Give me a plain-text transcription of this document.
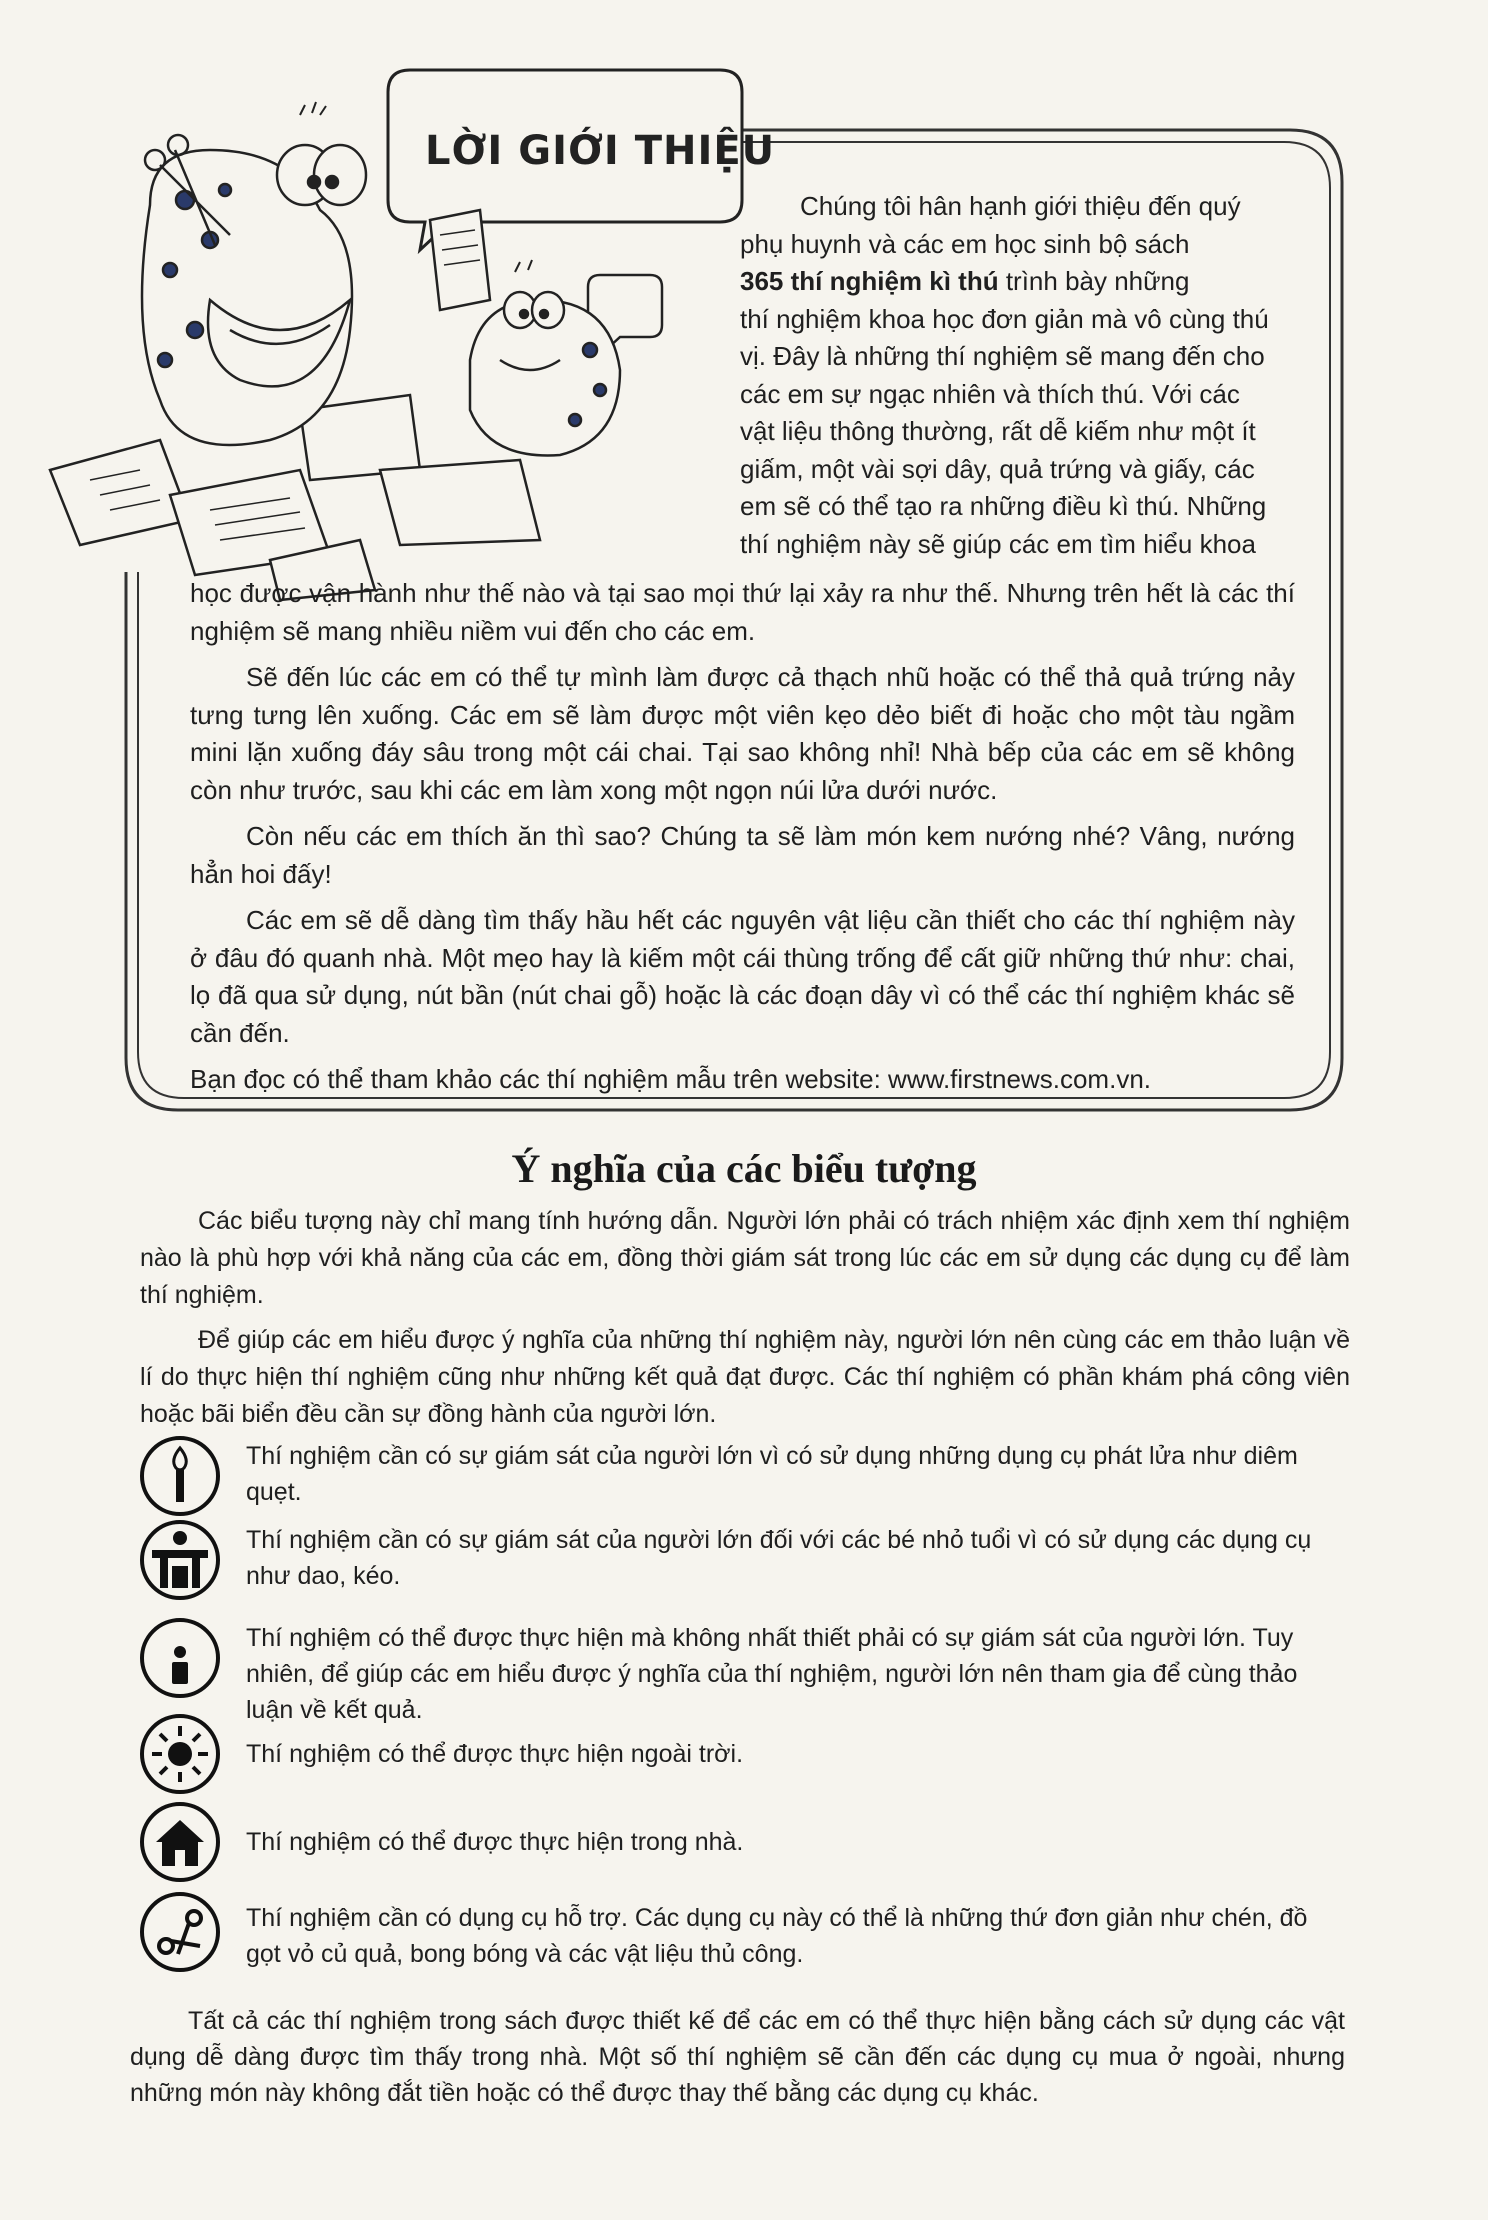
LỜI GIỚI THIỆU
Chúng tôi hân hạnh giới thiệu đến quý
phụ huynh và các em học sinh bộ sách
365 thí nghiệm kì thú trình bày những
thí nghiệm khoa học đơn giản mà vô cùng thú
vị. Đây là những thí nghiệm sẽ mang đến cho
các em sự ngạc nhiên và thích thú. Với các
vật liệu thông thường, rất dễ kiếm như một ít
giấm, một vài sợi dây, quả trứng và giấy, các
em sẽ có thể tạo ra những điều kì thú. Những
thí nghiệm này sẽ giúp các em tìm hiểu khoa

học được vận hành như thế nào và tại sao mọi thứ lại xảy ra như thế. Nhưng trên hết là các thí nghiệm sẽ mang nhiều niềm vui đến cho các em.

Sẽ đến lúc các em có thể tự mình làm được cả thạch nhũ hoặc có thể thả quả trứng nảy tưng tưng lên xuống. Các em sẽ làm được một viên kẹo dẻo biết đi hoặc cho một tàu ngầm mini lặn xuống đáy sâu trong một cái chai. Tại sao không nhỉ! Nhà bếp của các em sẽ không còn như trước, sau khi các em làm xong một ngọn núi lửa dưới nước.

Còn nếu các em thích ăn thì sao? Chúng ta sẽ làm món kem nướng nhé? Vâng, nướng hẳn hoi đấy!

Các em sẽ dễ dàng tìm thấy hầu hết các nguyên vật liệu cần thiết cho các thí nghiệm này ở đâu đó quanh nhà. Một mẹo hay là kiếm một cái thùng trống để cất giữ những thứ như: chai, lọ đã qua sử dụng, nút bần (nút chai gỗ) hoặc là các đoạn dây vì có thể các thí nghiệm khác sẽ cần đến.

Bạn đọc có thể tham khảo các thí nghiệm mẫu trên website: www.firstnews.com.vn.

Ý nghĩa của các biểu tượng

Các biểu tượng này chỉ mang tính hướng dẫn. Người lớn phải có trách nhiệm xác định xem thí nghiệm nào là phù hợp với khả năng của các em, đồng thời giám sát trong lúc các em sử dụng các dụng cụ để làm thí nghiệm.

Để giúp các em hiểu được ý nghĩa của những thí nghiệm này, người lớn nên cùng các em thảo luận về lí do thực hiện thí nghiệm cũng như những kết quả đạt được. Các thí nghiệm có phần khám phá công viên hoặc bãi biển đều cần sự đồng hành của người lớn.

Thí nghiệm cần có sự giám sát của người lớn vì có sử dụng những dụng cụ phát lửa như diêm quẹt.
Thí nghiệm cần có sự giám sát của người lớn đối với các bé nhỏ tuổi vì có sử dụng các dụng cụ như dao, kéo.
Thí nghiệm có thể được thực hiện mà không nhất thiết phải có sự giám sát của người lớn. Tuy nhiên, để giúp các em hiểu được ý nghĩa của thí nghiệm, người lớn nên tham gia để cùng thảo luận về kết quả.
Thí nghiệm có thể được thực hiện ngoài trời.
Thí nghiệm có thể được thực hiện trong nhà.
Thí nghiệm cần có dụng cụ hỗ trợ. Các dụng cụ này có thể là những thứ đơn giản như chén, đồ gọt vỏ củ quả, bong bóng và các vật liệu thủ công.

Tất cả các thí nghiệm trong sách được thiết kế để các em có thể thực hiện bằng cách sử dụng các vật dụng dễ dàng được tìm thấy trong nhà. Một số thí nghiệm sẽ cần đến các dụng cụ mua ở ngoài, nhưng những món này không đắt tiền hoặc có thể được thay thế bằng các dụng cụ khác.
